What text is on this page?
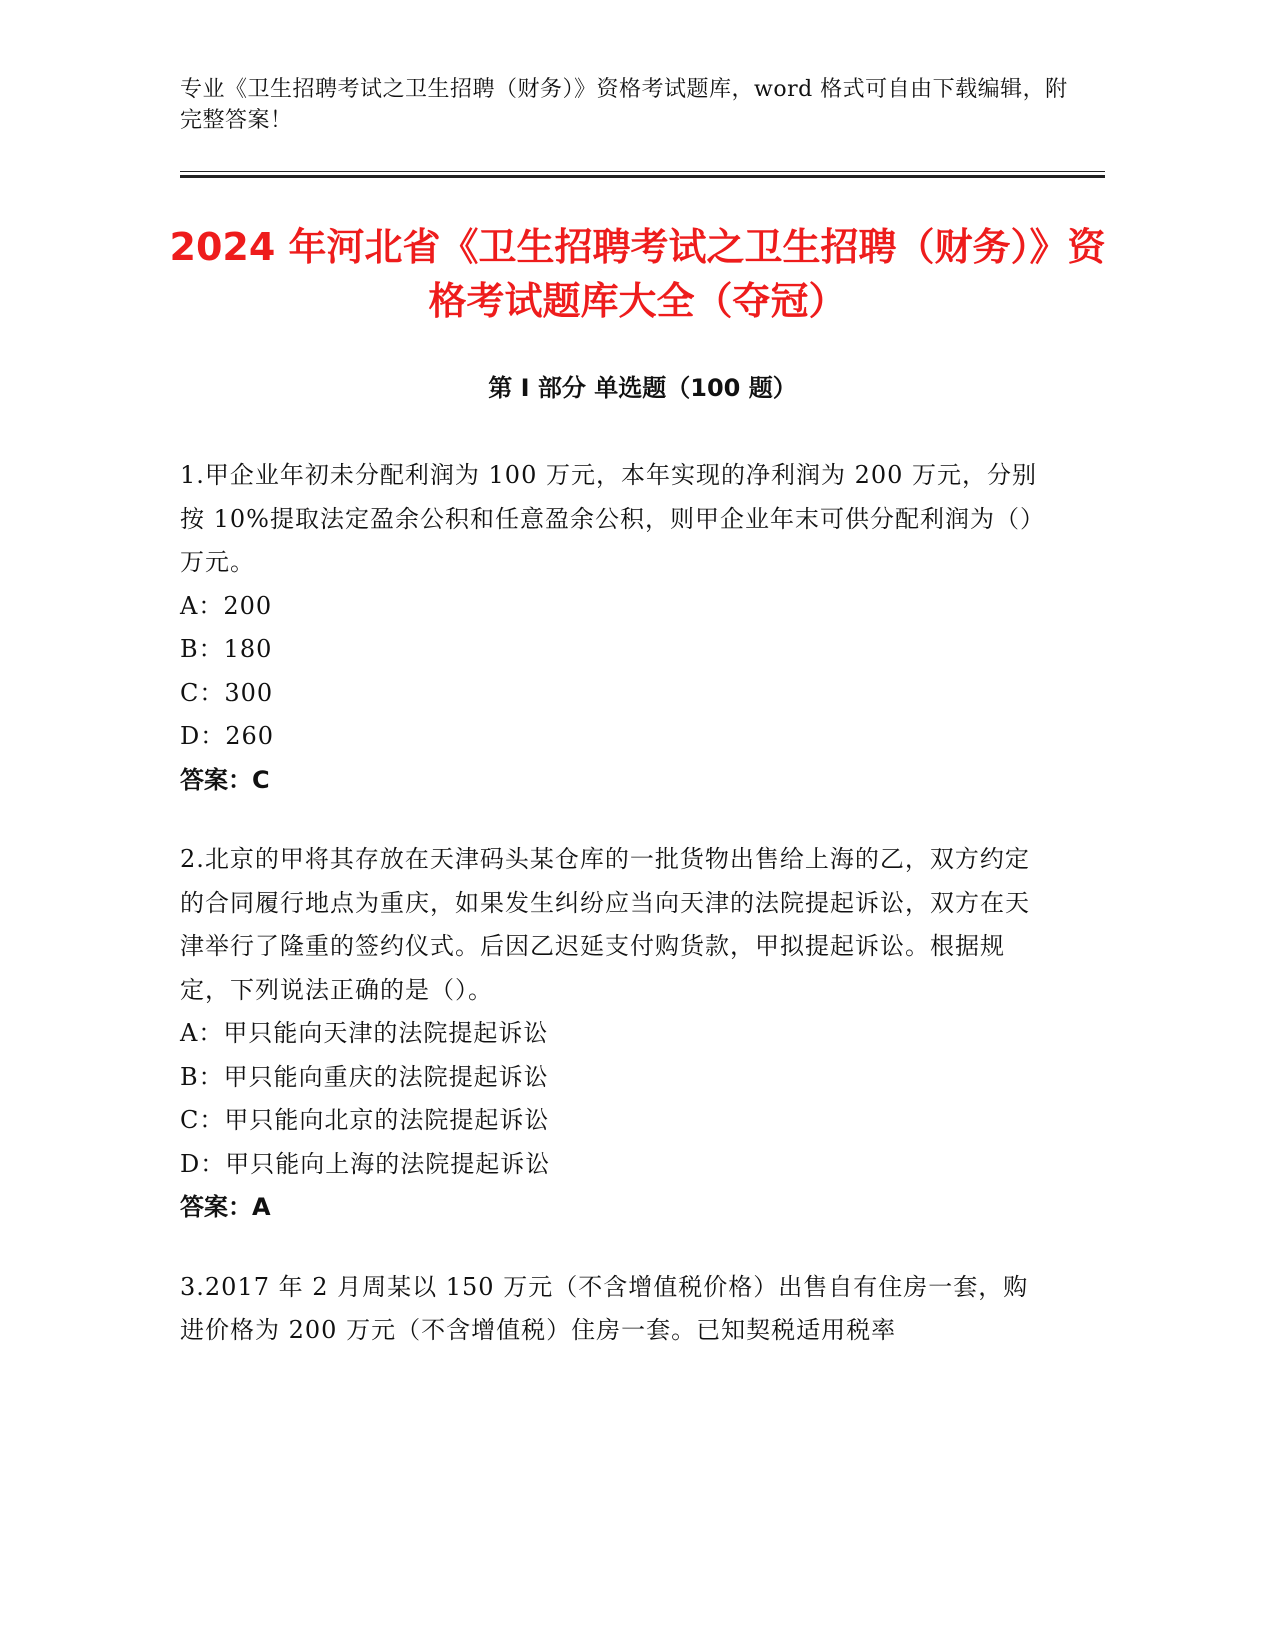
专业《卫生招聘考试之卫生招聘（财务）》资格考试题库，word 格式可自由下载编辑，附完整答案！
2024 年河北省《卫生招聘考试之卫生招聘（财务）》资格考试题库大全（夺冠）
第 I 部分 单选题（100 题）
1.甲企业年初未分配利润为 100 万元，本年实现的净利润为 200 万元，分别按 10%提取法定盈余公积和任意盈余公积，则甲企业年末可供分配利润为（）万元。
A：200
B：180
C：300
D：260
答案：C
2.北京的甲将其存放在天津码头某仓库的一批货物出售给上海的乙，双方约定的合同履行地点为重庆，如果发生纠纷应当向天津的法院提起诉讼，双方在天津举行了隆重的签约仪式。后因乙迟延支付购货款，甲拟提起诉讼。根据规定，下列说法正确的是（）。
A：甲只能向天津的法院提起诉讼
B：甲只能向重庆的法院提起诉讼
C：甲只能向北京的法院提起诉讼
D：甲只能向上海的法院提起诉讼
答案：A
3.2017 年 2 月周某以 150 万元（不含增值税价格）出售自有住房一套，购进价格为 200 万元（不含增值税）住房一套。已知契税适用税率
